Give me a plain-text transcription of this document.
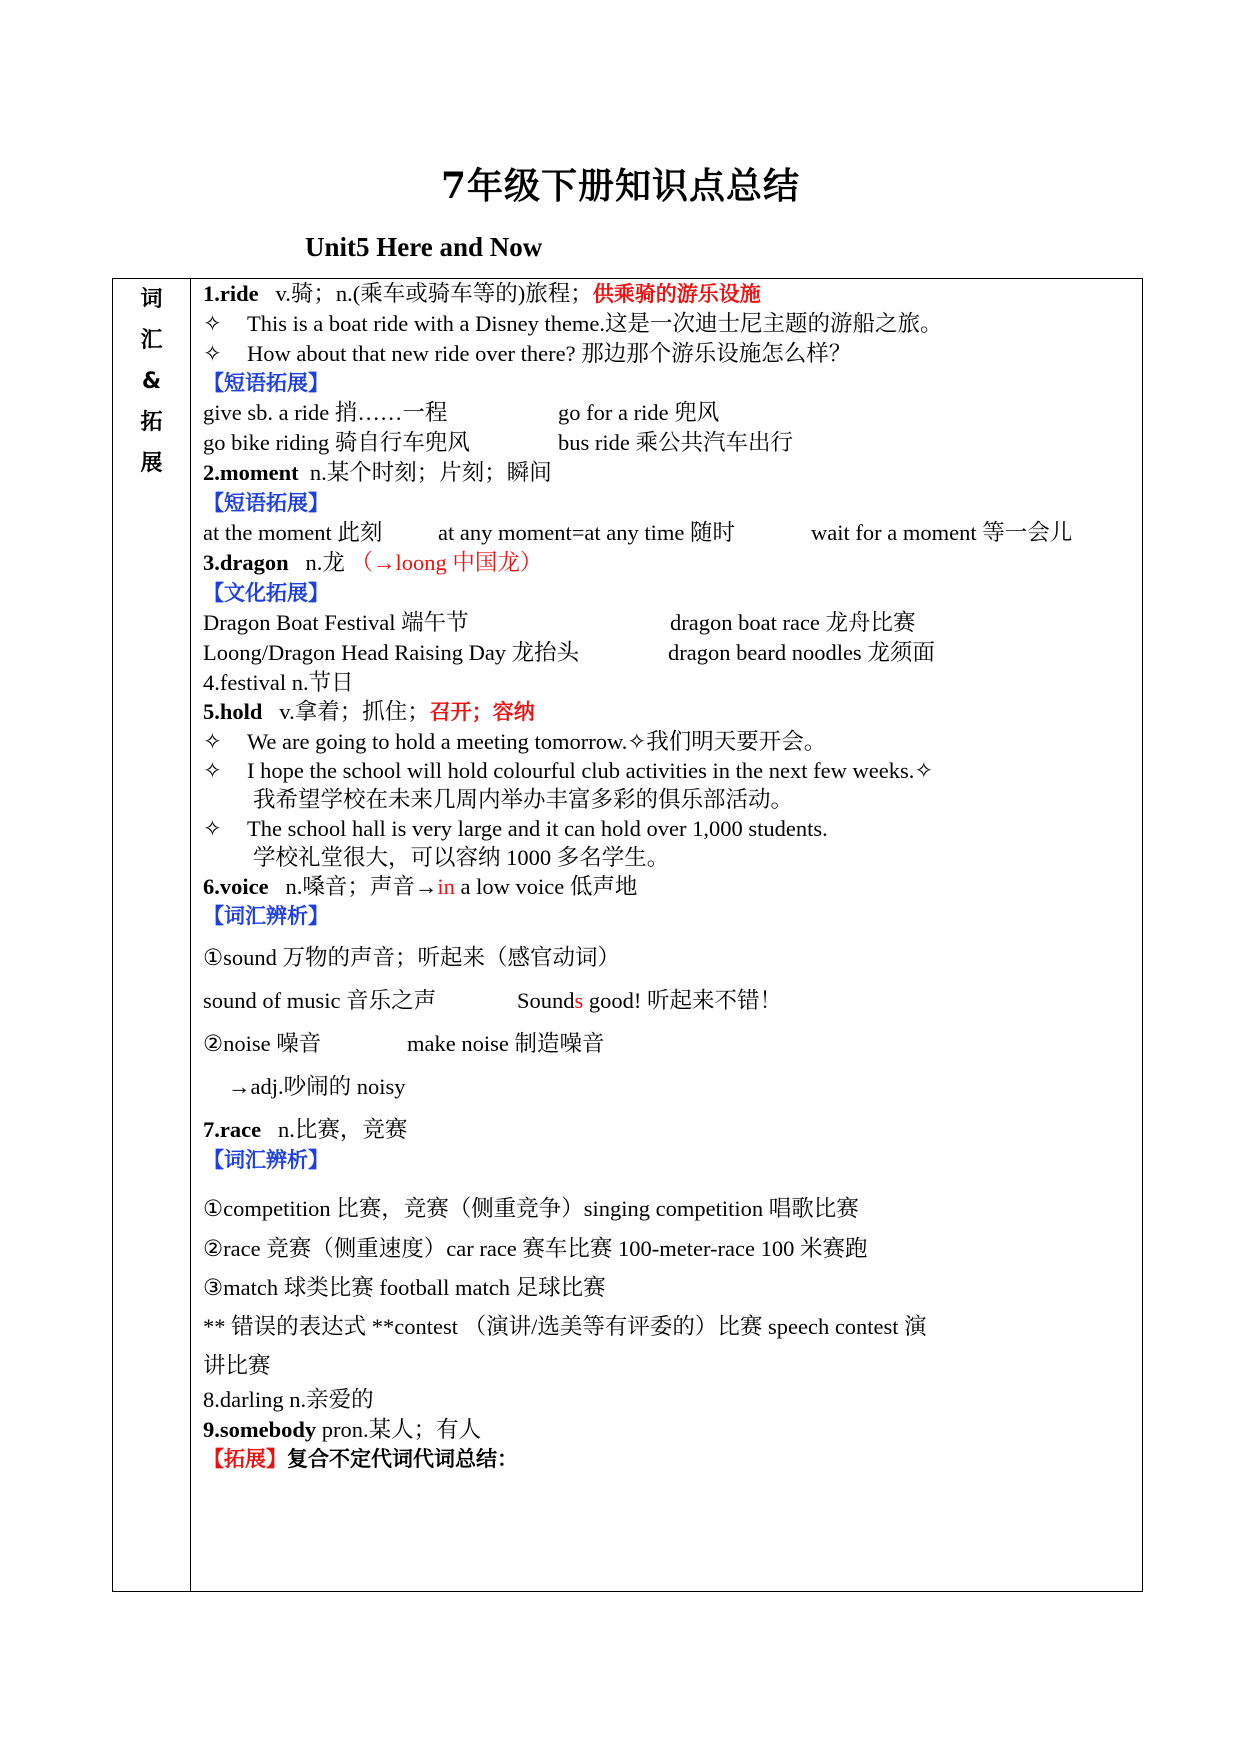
7年级下册知识点总结
Unit5 Here and Now
词
汇
&
拓
展
1.ride v.骑；n.(乘车或骑车等的)旅程；供乘骑的游乐设施
✧ This is a boat ride with a Disney theme.这是一次迪士尼主题的游船之旅。
✧ How about that new ride over there? 那边那个游乐设施怎么样？
【短语拓展】
give sb. a ride 捎……一程	go for a ride 兜风
go bike riding 骑自行车兜风	bus ride 乘公共汽车出行
2.moment n.某个时刻；片刻；瞬间
【短语拓展】
at the moment 此刻 at any moment=at any time 随时	wait for a moment 等一会儿
3.dragon n.龙 （→loong 中国龙）
【文化拓展】
Dragon Boat Festival 端午节	dragon boat race 龙舟比赛
Loong/Dragon Head Raising Day 龙抬头	dragon beard noodles 龙须面
4.festival n.节日
5.hold v.拿着；抓住；召开；容纳
✧ We are going to hold a meeting tomorrow.✧我们明天要开会。
✧ I hope the school will hold colourful club activities in the next few weeks.✧
我希望学校在未来几周内举办丰富多彩的俱乐部活动。
✧ The school hall is very large and it can hold over 1,000 students.
学校礼堂很大，可以容纳 1000 多名学生。
6.voice n.嗓音；声音→in a low voice 低声地
【词汇辨析】
①sound 万物的声音；听起来（感官动词）
sound of music 音乐之声	Sounds good! 听起来不错！
②noise 噪音	make noise 制造噪音
→adj.吵闹的 noisy
7.race n.比赛，竞赛
【词汇辨析】
①competition 比赛，竞赛（侧重竞争）singing competition 唱歌比赛
②race 竞赛（侧重速度）car race 赛车比赛 100-meter-race 100 米赛跑
③match 球类比赛 football match 足球比赛
** 错误的表达式 **contest （演讲/选美等有评委的）比赛 speech contest 演
讲比赛
8.darling n.亲爱的
9.somebody pron.某人；有人
【拓展】复合不定代词代词总结：
